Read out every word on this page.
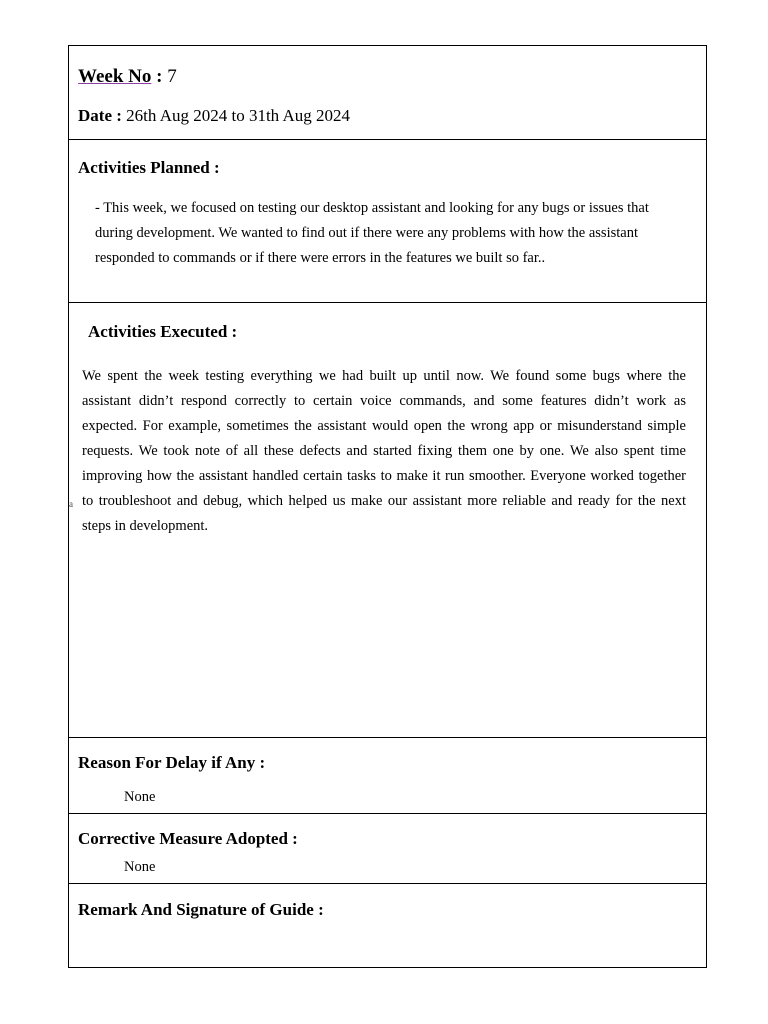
Week No : 7
Date : 26th Aug 2024 to 31th Aug 2024
Activities Planned :
- This week, we focused on testing our desktop assistant and looking for any bugs or issues that during development. We wanted to find out if there were any problems with how the assistant responded to commands or if there were errors in the features we built so far..
Activities Executed :
We spent the week testing everything we had built up until now. We found some bugs where the assistant didn’t respond correctly to certain voice commands, and some features didn’t work as expected. For example, sometimes the assistant would open the wrong app or misunderstand simple requests. We took note of all these defects and started fixing them one by one. We also spent time improving how the assistant handled certain tasks to make it run smoother. Everyone worked together to troubleshoot and debug, which helped us make our assistant more reliable and ready for the next steps in development.
a
Reason For Delay if Any :
None
Corrective Measure Adopted :
None
Remark And Signature of Guide :
